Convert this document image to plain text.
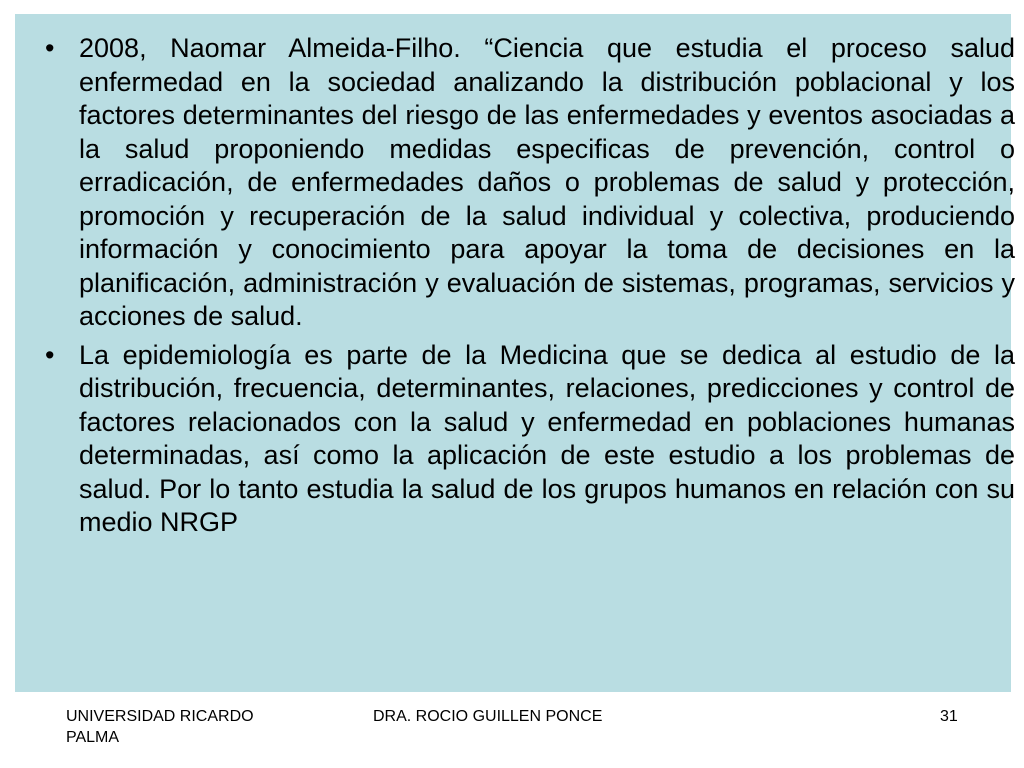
• 2008, Naomar Almeida-Filho. “Ciencia que estudia el proceso salud enfermedad en la sociedad analizando la distribución poblacional y los factores determinantes del riesgo de las enfermedades y eventos asociadas a la salud proponiendo medidas especificas de prevención, control o erradicación, de enfermedades daños o problemas de salud y protección, promoción y recuperación de la salud individual y colectiva, produciendo información y conocimiento para apoyar la toma de decisiones en la planificación, administración y evaluación de sistemas, programas, servicios y acciones de salud.
• La epidemiología es parte de la Medicina que se dedica al estudio de la distribución, frecuencia, determinantes, relaciones, predicciones y control de factores relacionados con la salud y enfermedad en poblaciones humanas determinadas, así como la aplicación de este estudio a los problemas de salud. Por lo tanto estudia la salud de los grupos humanos en relación con su medio NRGP
UNIVERSIDAD RICARDO PALMA
DRA. ROCIO GUILLEN PONCE	31
